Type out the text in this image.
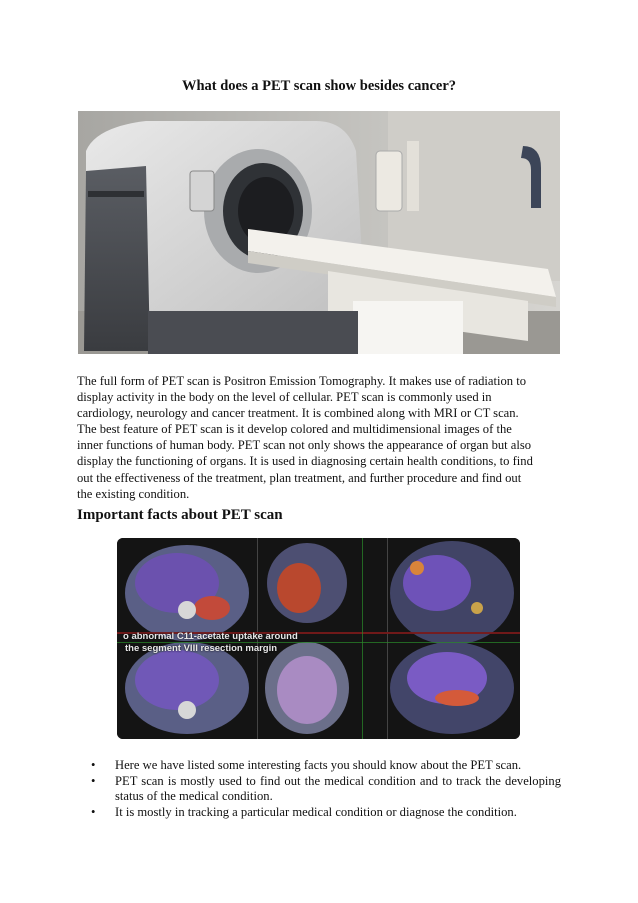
What does a PET scan show besides cancer?
The full form of PET scan is Positron Emission Tomography. It makes use of radiation to
display activity in the body on the level of cellular. PET scan is commonly used in
cardiology, neurology and cancer treatment. It is combined along with MRI or CT scan.
The best feature of PET scan is it develop colored and multidimensional images of the
inner functions of human body. PET scan not only shows the appearance of organ but also
display the functioning of organs. It is used in diagnosing certain health conditions, to find
out the effectiveness of the treatment, plan treatment, and further procedure and find out
the existing condition.
Important facts about PET scan
o abnormal C11-acetate uptake around
the segment VIII resection margin
• Here we have listed some interesting facts you should know about the PET scan.
• PET scan is mostly used to find out the medical condition and to track the developing status of the medical condition.
• It is mostly in tracking a particular medical condition or diagnose the condition.
